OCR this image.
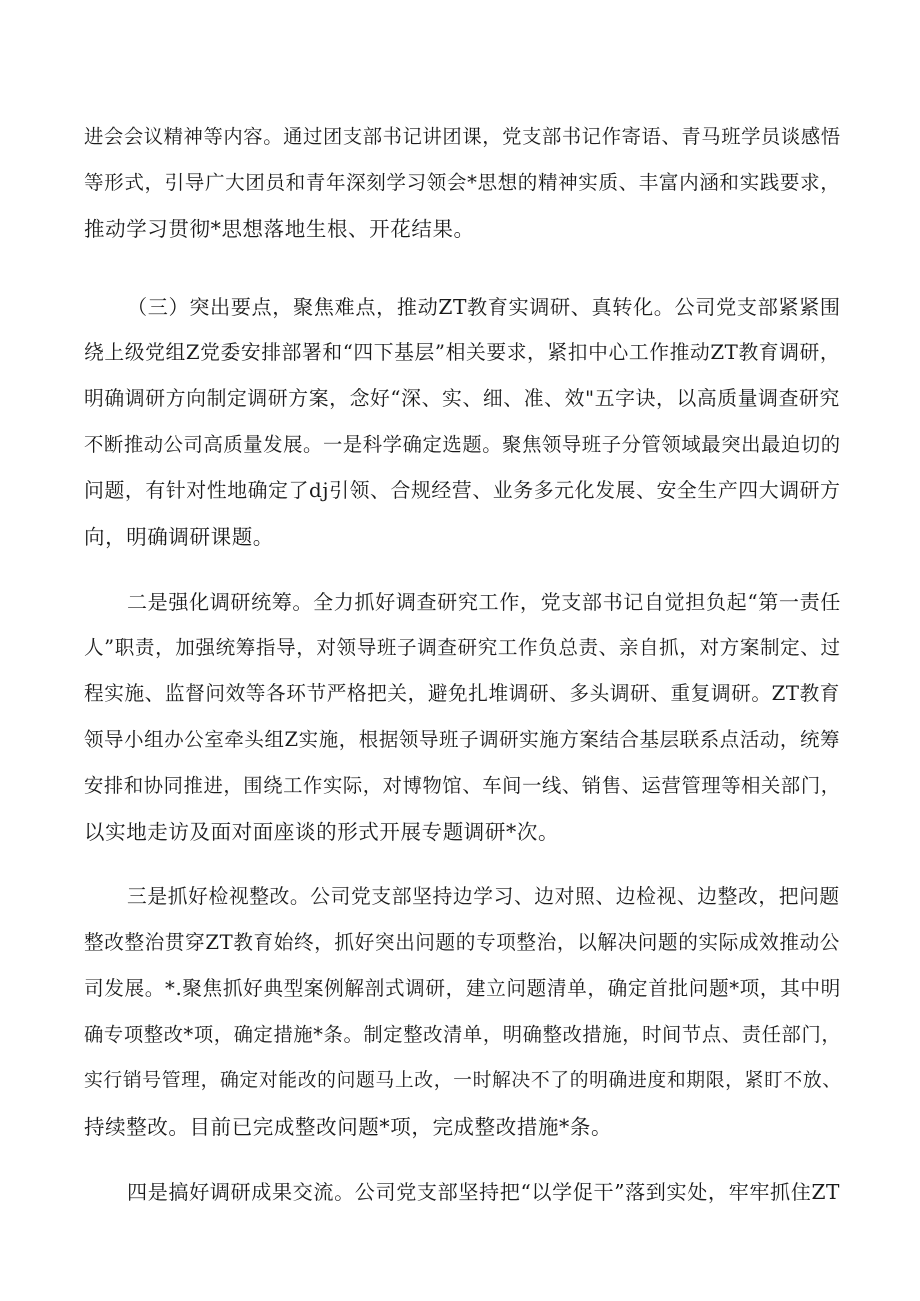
进会会议精神等内容。通过团支部书记讲团课，党支部书记作寄语、青马班学员谈感悟
等形式，引导广大团员和青年深刻学习领会*思想的精神实质、丰富内涵和实践要求，
推动学习贯彻*思想落地生根、开花结果。
（三）突出要点，聚焦难点，推动ZT教育实调研、真转化。公司党支部紧紧围
绕上级党组Z党委安排部署和“四下基层”相关要求，紧扣中心工作推动ZT教育调研，
明确调研方向制定调研方案，念好“深、实、细、准、效"五字诀，以高质量调查研究
不断推动公司高质量发展。一是科学确定选题。聚焦领导班子分管领域最突出最迫切的
问题，有针对性地确定了dj引领、合规经营、业务多元化发展、安全生产四大调研方
向，明确调研课题。
二是强化调研统筹。全力抓好调查研究工作，党支部书记自觉担负起“第一责任
人”职责，加强统筹指导，对领导班子调查研究工作负总责、亲自抓，对方案制定、过
程实施、监督问效等各环节严格把关，避免扎堆调研、多头调研、重复调研。ZT教育
领导小组办公室牵头组Z实施，根据领导班子调研实施方案结合基层联系点活动，统筹
安排和协同推进，围绕工作实际，对博物馆、车间一线、销售、运营管理等相关部门，
以实地走访及面对面座谈的形式开展专题调研*次。
三是抓好检视整改。公司党支部坚持边学习、边对照、边检视、边整改，把问题
整改整治贯穿ZT教育始终，抓好突出问题的专项整治，以解决问题的实际成效推动公
司发展。*.聚焦抓好典型案例解剖式调研，建立问题清单，确定首批问题*项，其中明
确专项整改*项，确定措施*条。制定整改清单，明确整改措施，时间节点、责任部门，
实行销号管理，确定对能改的问题马上改，一时解决不了的明确进度和期限，紧盯不放、
持续整改。目前已完成整改问题*项，完成整改措施*条。
四是搞好调研成果交流。公司党支部坚持把“以学促干”落到实处，牢牢抓住ZT
